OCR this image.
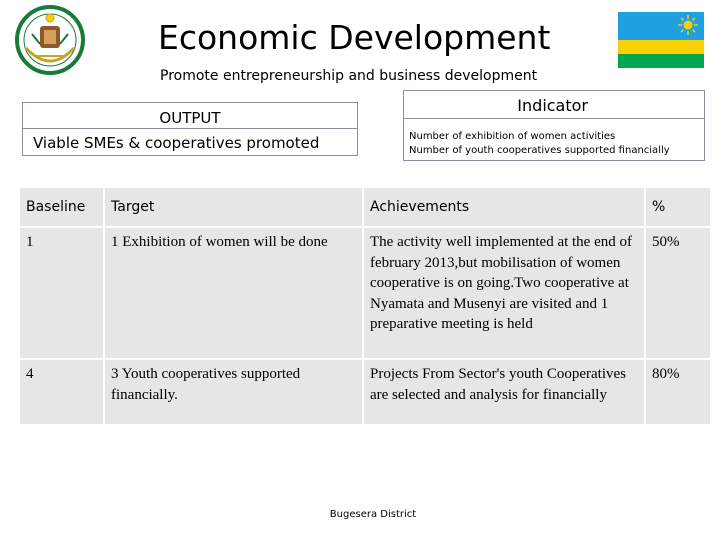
Economic Development
Promote entrepreneurship and business development
OUTPUT
Viable SMEs & cooperatives promoted
Indicator
Number of exhibition of women activities
Number of youth cooperatives supported financially
Baseline	Target	Achievements	%
1	1 Exhibition of women will be done	The activity well implemented at the end of february 2013,but mobilisation of women cooperative is on going.Two cooperative at Nyamata and Musenyi are visited and 1 preparative meeting is held	50%
4	3 Youth cooperatives supported financially.	Projects From Sector's youth Cooperatives are selected and analysis for financially	80%
Bugesera District
